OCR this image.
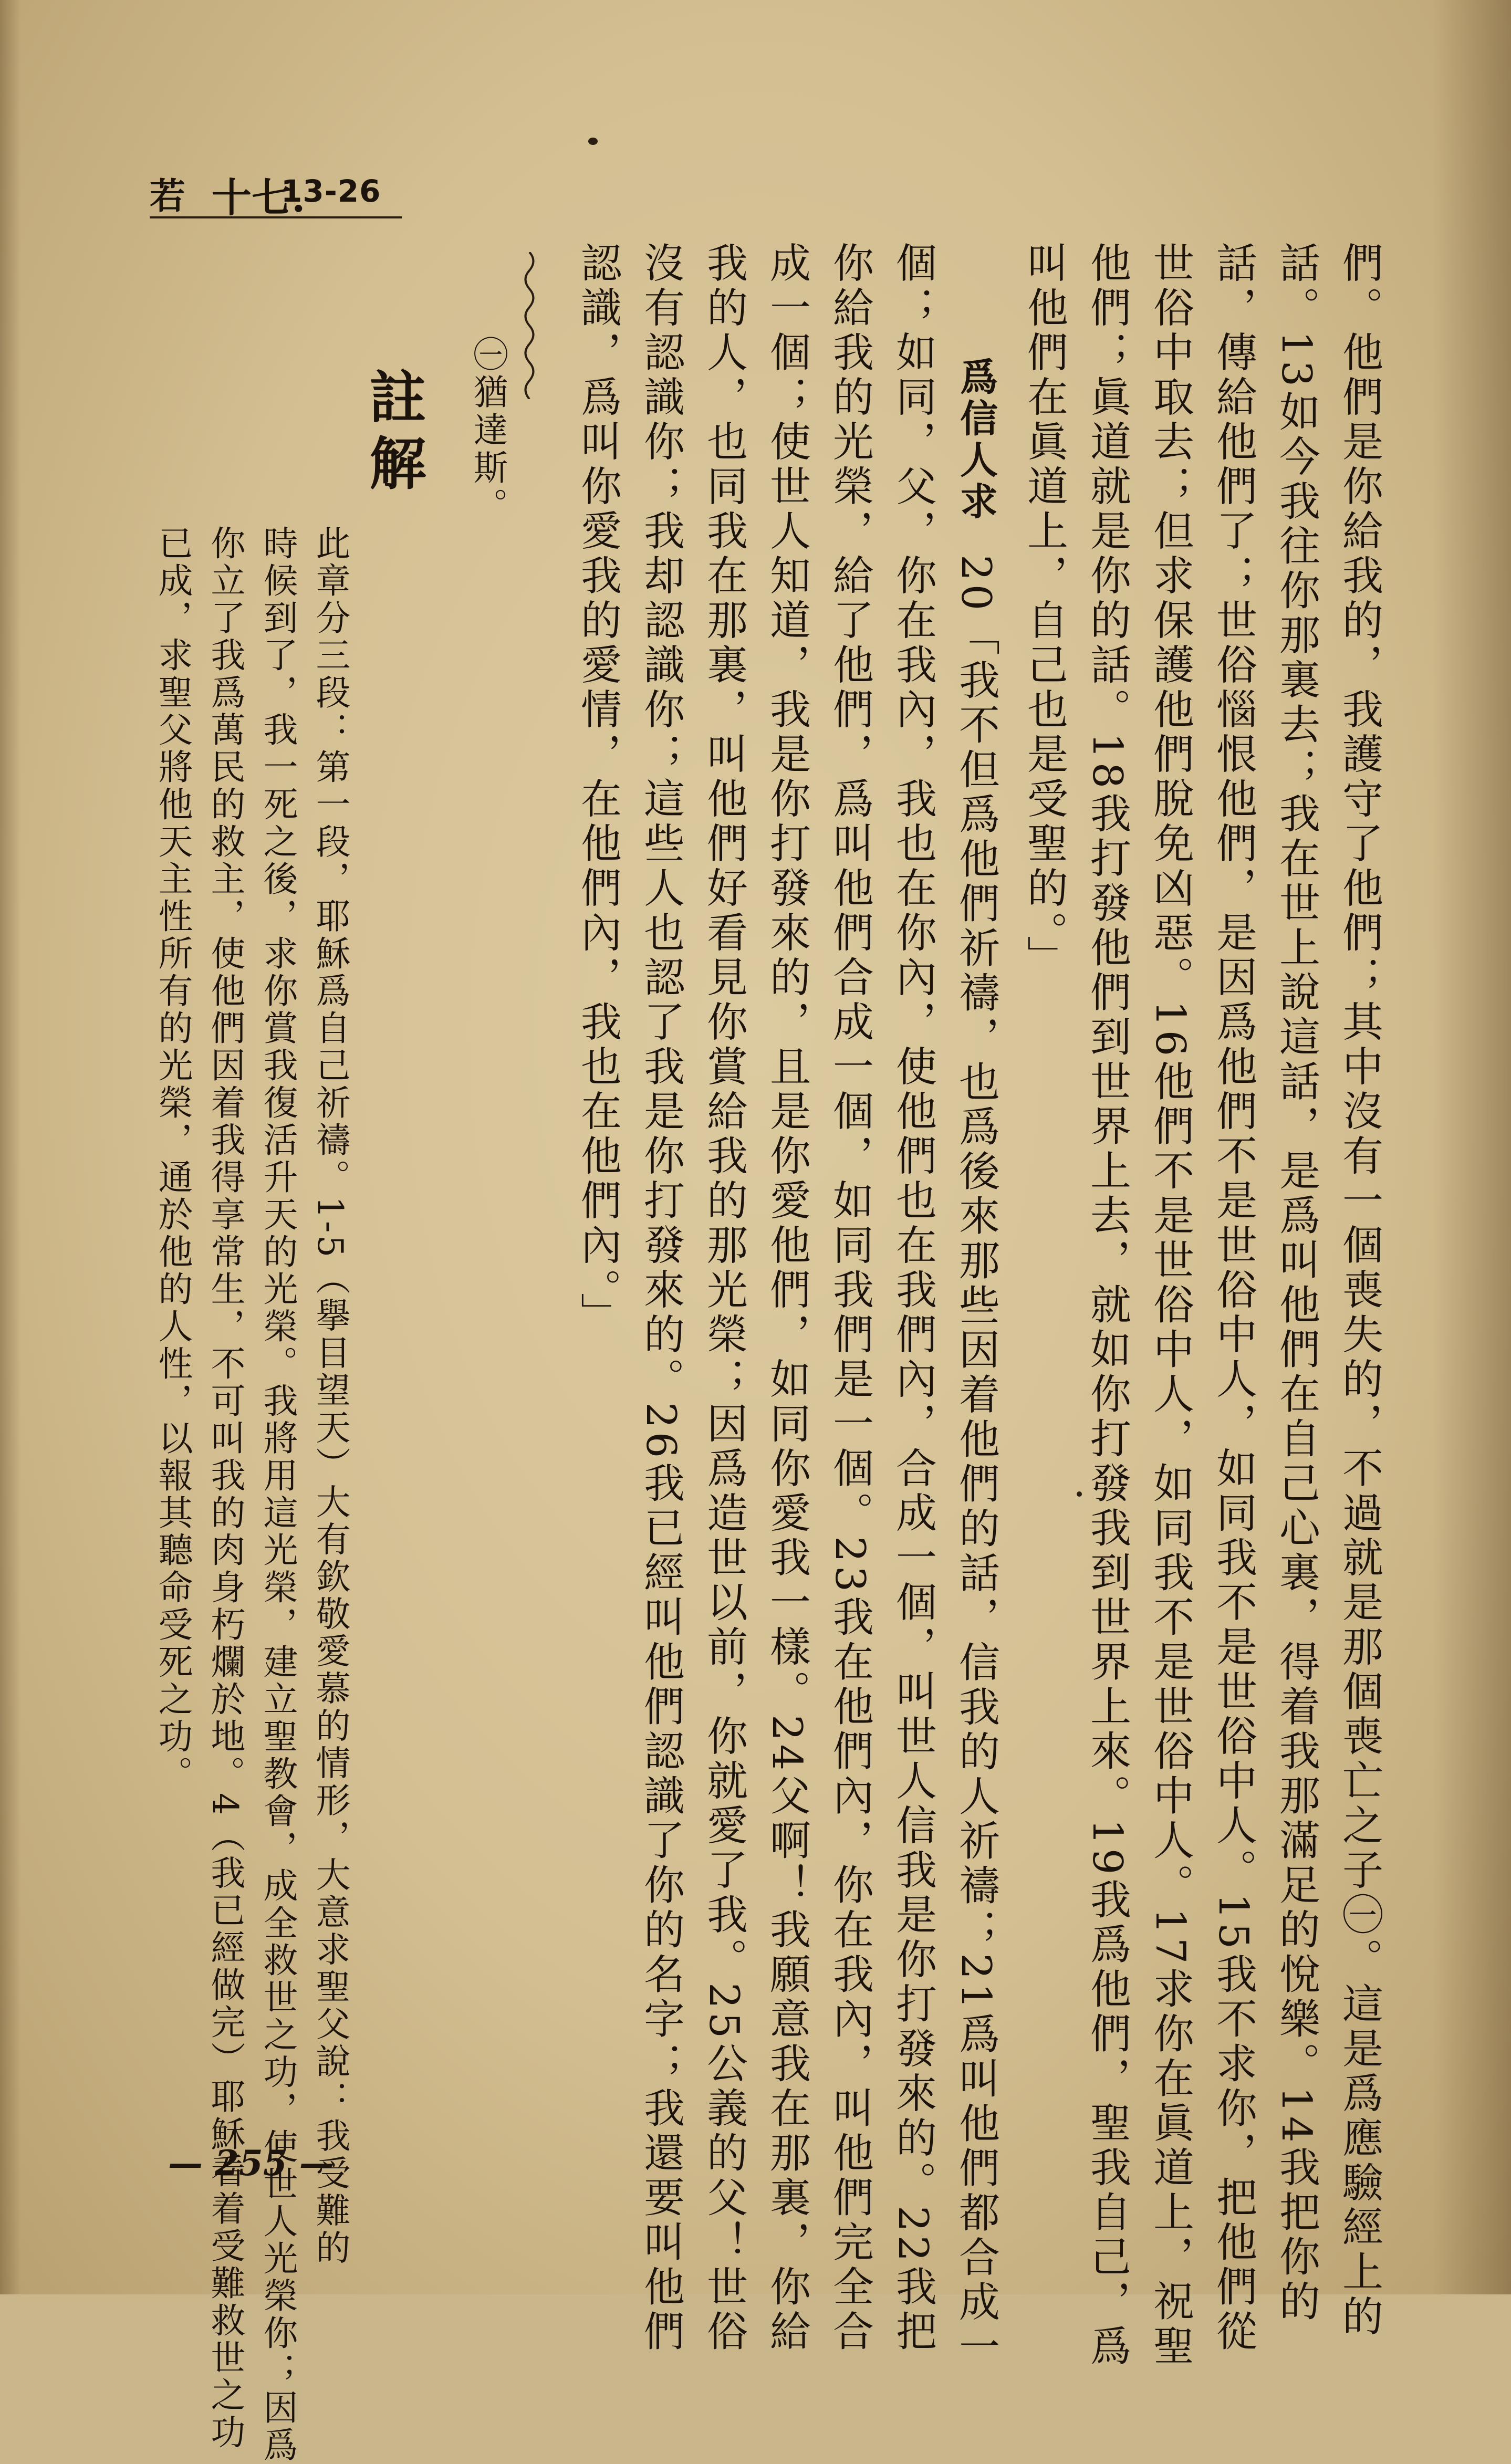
若 十七.
13-26
們。他們是你給我的，我護守了他們；其中沒有一個喪失的，不過就是那個喪亡之子㊀。這是爲應驗經上的
話。13如今我往你那裏去；我在世上說這話，是爲叫他們在自己心裏，得着我那滿足的悅樂。14我把你的
話，傳給他們了；世俗惱恨他們，是因爲他們不是世俗中人，如同我不是世俗中人。15我不求你，把他們從
世俗中取去；但求保護他們脫免凶惡。16他們不是世俗中人，如同我不是世俗中人。17求你在眞道上，祝聖
他們；眞道就是你的話。18我打發他們到世界上去，就如你打發我到世界上來。19我爲他們，聖我自己，爲
叫他們在眞道上，自己也是受聖的。」
爲信人求20「我不但爲他們祈禱，也爲後來那些因着他們的話，信我的人祈禱；21爲叫他們都合成一
個；如同，父，你在我內，我也在你內，使他們也在我們內，合成一個，叫世人信我是你打發來的。22我把
你給我的光榮，給了他們，爲叫他們合成一個，如同我們是一個。23我在他們內，你在我內，叫他們完全合
成一個；使世人知道，我是你打發來的，且是你愛他們，如同你愛我一樣。24父啊！我願意我在那裏，你給
我的人，也同我在那裏，叫他們好看見你賞給我的那光榮；因爲造世以前，你就愛了我。25公義的父！世俗
沒有認識你；我却認識你；這些人也認了我是你打發來的。26我已經叫他們認識了你的名字；我還要叫他們
認識，爲叫你愛我的愛情，在他們內，我也在他們內。」
㊀猶達斯。
註解
此章分三段：第一段，耶穌爲自己祈禱。1-5（擧目望天）大有欽敬愛慕的情形，大意求聖父說：我受難的
時候到了，我一死之後，求你賞我復活升天的光榮。我將用這光榮，建立聖教會，成全救世之功，使世人光榮你；因爲
你立了我爲萬民的救主，使他們因着我得享常生，不可叫我的肉身朽爛於地。4（我已經做完）耶穌看着受難救世之功
已成，求聖父將他天主性所有的光榮，通於他的人性，以報其聽命受死之功。
— 255 —
